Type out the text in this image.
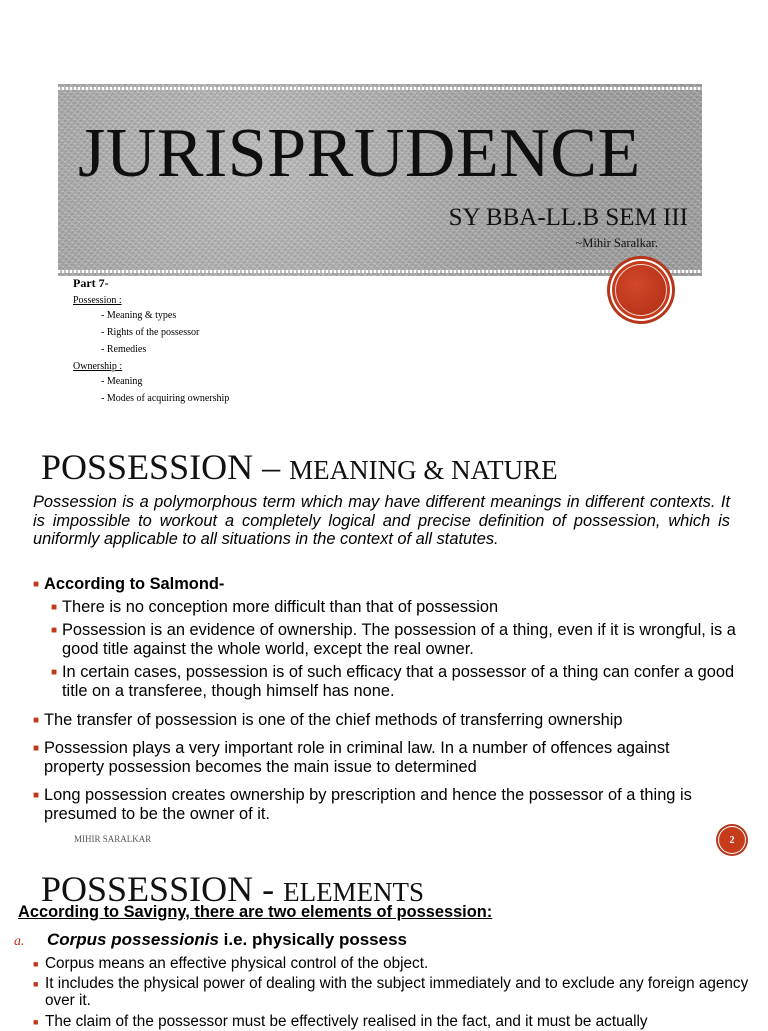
JURISPRUDENCE
SY BBA-LL.B SEM III
~Mihir Saralkar.
Part 7-
Possession :
- Meaning & types
- Rights of the possessor
- Remedies
Ownership :
- Meaning
- Modes of acquiring ownership
POSSESSION – MEANING & NATURE
Possession is a polymorphous term which may have different meanings in different contexts. It is impossible to workout a completely logical and precise definition of possession, which is uniformly applicable to all situations in the context of all statutes.
■ According to Salmond-
■ There is no conception more difficult than that of possession
■ Possession is an evidence of ownership. The possession of a thing, even if it is wrongful, is a good title against the whole world, except the real owner.
■ In certain cases, possession is of such efficacy that a possessor of a thing can confer a good title on a transferee, though himself has none.
■ The transfer of possession is one of the chief methods of transferring ownership
■ Possession plays a very important role in criminal law. In a number of offences against property possession becomes the main issue to determined
■ Long possession creates ownership by prescription and hence the possessor of a thing is presumed to be the owner of it.
MIHIR SARALKAR	2
POSSESSION - ELEMENTS
According to Savigny, there are two elements of possession:
a. Corpus possessionis i.e. physically possess
■ Corpus means an effective physical control of the object.
■ It includes the physical power of dealing with the subject immediately and to exclude any foreign agency over it.
■ The claim of the possessor must be effectively realised in the fact, and it must be actually
